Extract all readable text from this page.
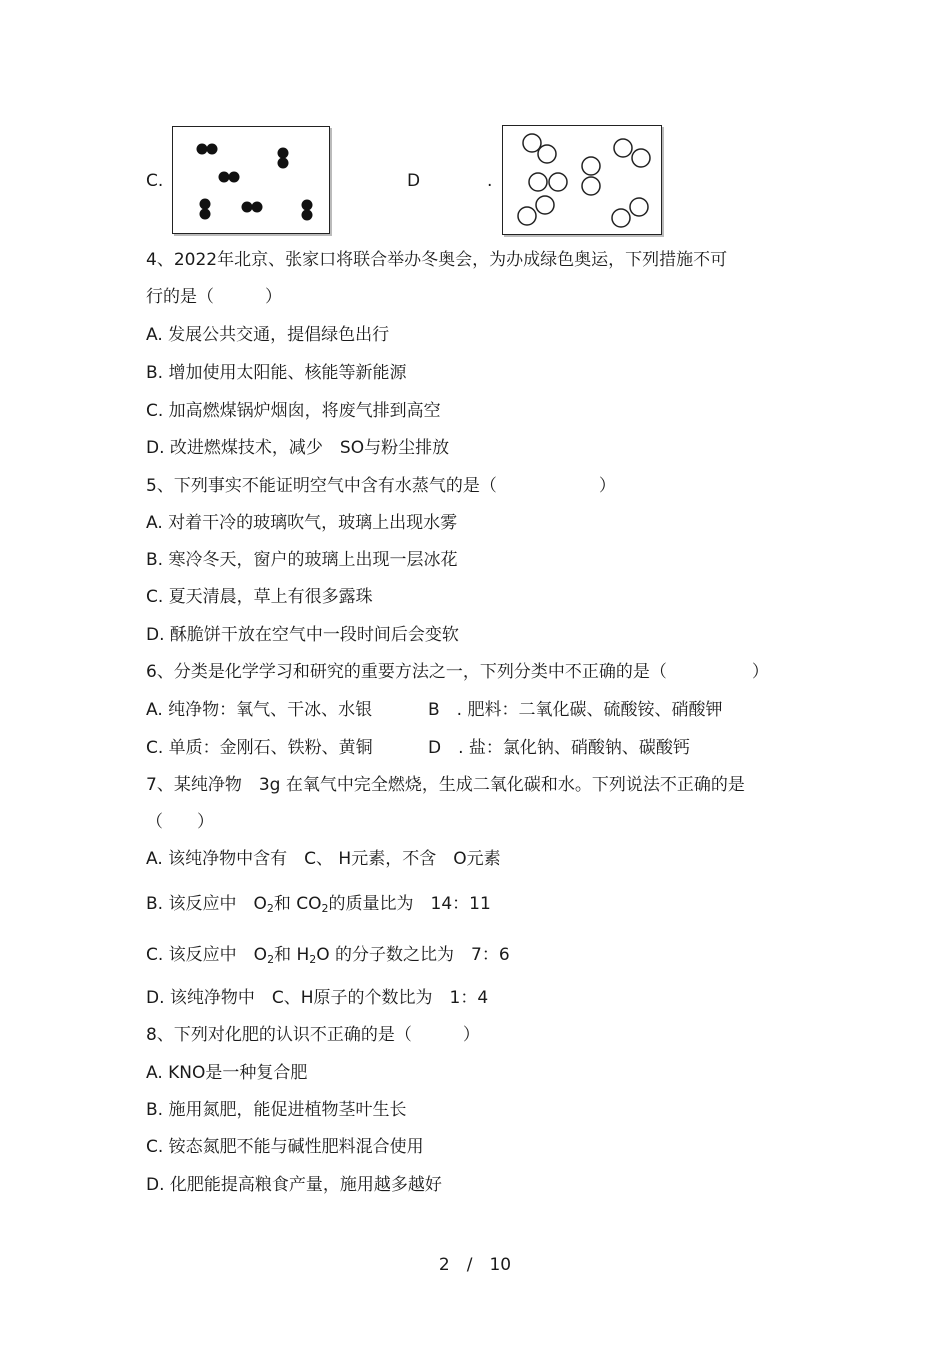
C.	D	.
4、2022年北京、张家口将联合举办冬奥会，为办成绿色奥运，下列措施不可
行的是（　　　）
A. 发展公共交通，提倡绿色出行
B. 增加使用太阳能、核能等新能源
C. 加高燃煤锅炉烟囱，将废气排到高空
D. 改进燃煤技术，减少　SO与粉尘排放
5、下列事实不能证明空气中含有水蒸气的是（　　　　　　）
A. 对着干冷的玻璃吹气，玻璃上出现水雾
B. 寒冷冬天，窗户的玻璃上出现一层冰花
C. 夏天清晨，草上有很多露珠
D. 酥脆饼干放在空气中一段时间后会变软
6、分类是化学学习和研究的重要方法之一，下列分类中不正确的是（　　　　　）
A. 纯净物：氧气、干冰、水银	B　. 肥料：二氧化碳、硫酸铵、硝酸钾
C. 单质：金刚石、铁粉、黄铜	D　. 盐：氯化钠、硝酸钠、碳酸钙
7、某纯净物　3g 在氧气中完全燃烧，生成二氧化碳和水。下列说法不正确的是
（　　）
A. 该纯净物中含有　C、 H元素，不含　O元素
B. 该反应中　$O_2$和 $CO_2$的质量比为　14：11
C. 该反应中　$O_2$和 $H_2O$ 的分子数之比为　7：6
D. 该纯净物中　C、H原子的个数比为　1：4
8、下列对化肥的认识不正确的是（　　　）
A. KNO是一种复合肥
B. 施用氮肥，能促进植物茎叶生长
C. 铵态氮肥不能与碱性肥料混合使用
D. 化肥能提高粮食产量，施用越多越好
2　/　10
